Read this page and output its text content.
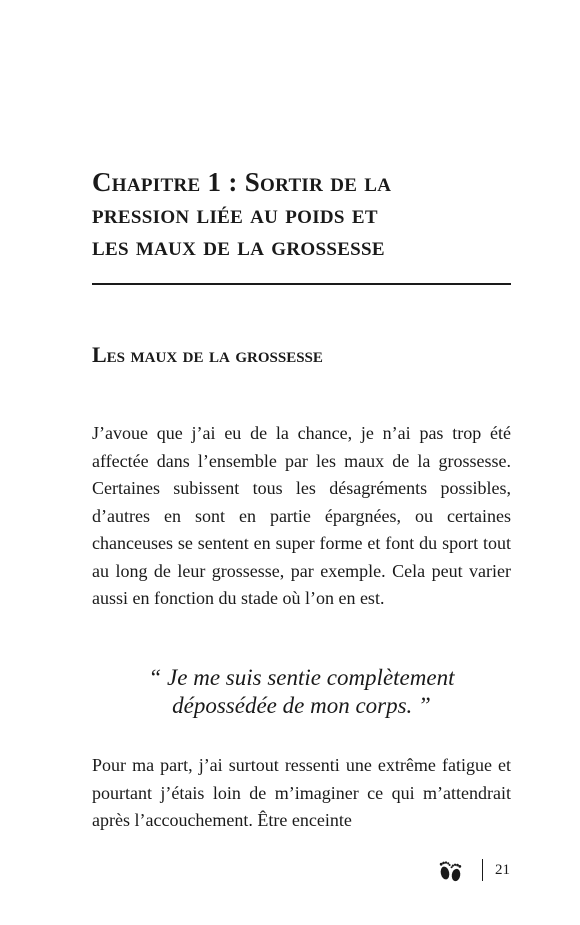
Chapitre 1 : Sortir de la
pression liée au poids et
les maux de la grossesse
Les maux de la grossesse

J’avoue que j’ai eu de la chance, je n’ai pas trop été affectée dans l’ensemble par les maux de la grossesse. Certaines subissent tous les désagréments possibles, d’autres en sont en partie épargnées, ou certaines chanceuses se sentent en super forme et font du sport tout au long de leur grossesse, par exemple. Cela peut varier aussi en fonction du stade où l’on en est.

“ Je me suis sentie complètement
dépossédée de mon corps. ”

Pour ma part, j’ai surtout ressenti une extrême fatigue et pourtant j’étais loin de m’imaginer ce qui m’attendrait après l’accouchement. Être enceinte

21
